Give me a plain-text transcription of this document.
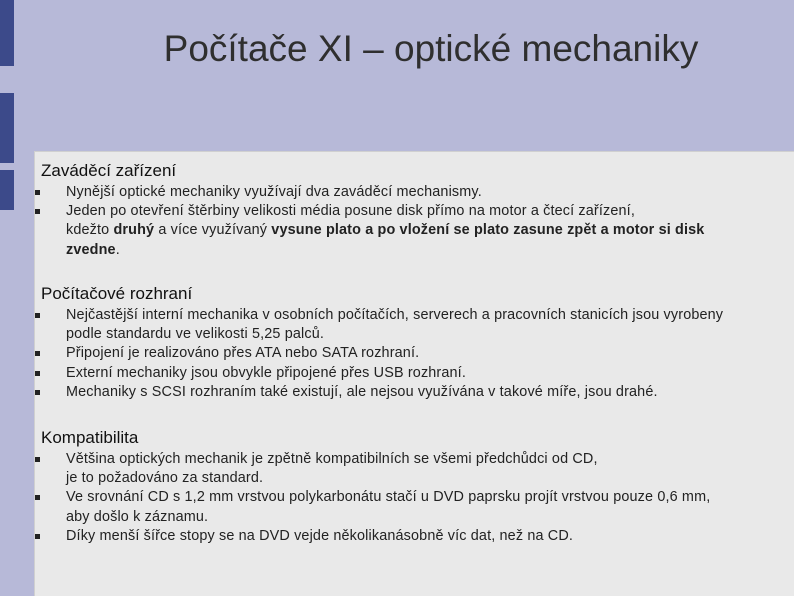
Počítače XI – optické mechaniky
Zaváděcí zařízení
Nynější optické mechaniky využívají dva zaváděcí mechanismy.
Jeden po otevření štěrbiny velikosti média posune disk přímo na motor a čtecí zařízení,
kdežto druhý a více využívaný vysune plato a po vložení se plato zasune zpět a motor si disk
zvedne.
Počítačové rozhraní
Nejčastější interní mechanika v osobních počítačích, serverech a pracovních stanicích jsou vyrobeny
podle standardu ve velikosti 5,25 palců.
Připojení je realizováno přes ATA nebo SATA rozhraní.
Externí mechaniky jsou obvykle připojené přes USB rozhraní.
Mechaniky s SCSI rozhraním také existují, ale nejsou využívána v takové míře, jsou drahé.
Kompatibilita
Většina optických mechanik je zpětně kompatibilních se všemi předchůdci od CD,
je to požadováno za standard.
Ve srovnání CD s 1,2 mm vrstvou polykarbonátu stačí u DVD paprsku projít vrstvou pouze 0,6 mm,
aby došlo k záznamu.
Díky menší šířce stopy se na DVD vejde několikanásobně víc dat, než na CD.
